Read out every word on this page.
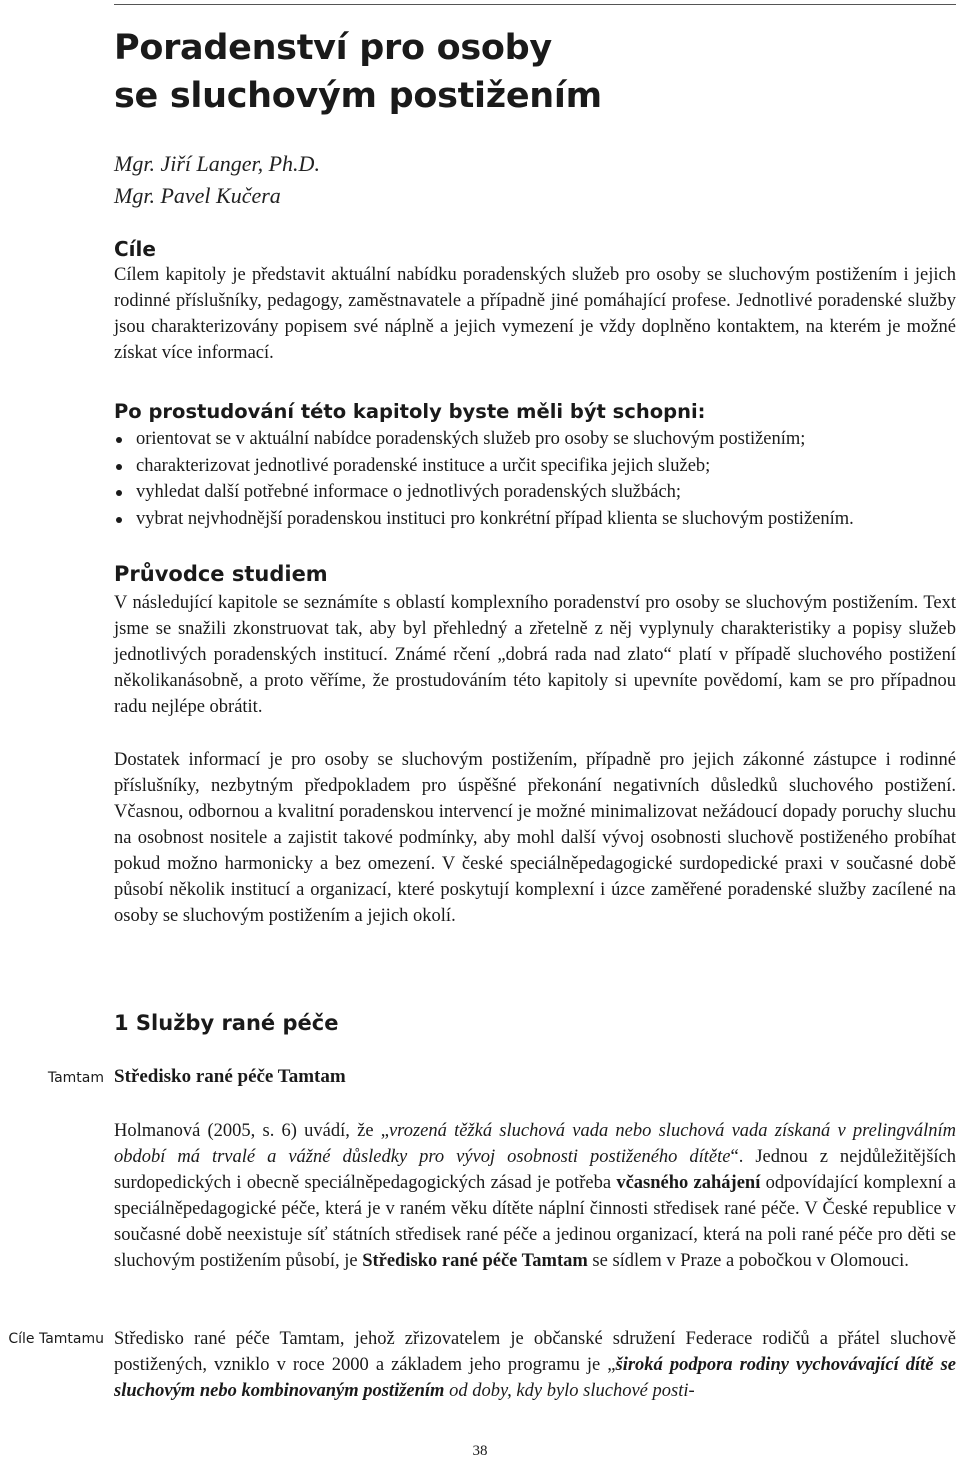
Poradenství pro osoby
se sluchovým postižením
Mgr. Jiří Langer, Ph.D.
Mgr. Pavel Kučera
Cíle

Cílem kapitoly je představit aktuální nabídku poradenských služeb pro osoby se sluchovým postižením i jejich rodinné příslušníky, pedagogy, zaměstnavatele a případně jiné pomáhající profese. Jednotlivé poradenské služby jsou charakterizovány popisem své náplně a jejich vymezení je vždy doplněno kontaktem, na kterém je možné získat více informací.

Po prostudování této kapitoly byste měli být schopni:
orientovat se v aktuální nabídce poradenských služeb pro osoby se sluchovým postižením;
charakterizovat jednotlivé poradenské instituce a určit specifika jejich služeb;
vyhledat další potřebné informace o jednotlivých poradenských službách;
vybrat nejvhodnější poradenskou instituci pro konkrétní případ klienta se sluchovým postižením.
Průvodce studiem

V následující kapitole se seznámíte s oblastí komplexního poradenství pro osoby se sluchovým postižením. Text jsme se snažili zkonstruovat tak, aby byl přehledný a zřetelně z něj vyplynuly charakteristiky a popisy služeb jednotlivých poradenských institucí. Známé rčení „dobrá rada nad zlato“ platí v případě sluchového postižení několikanásobně, a proto věříme, že prostudováním této kapitoly si upevníte povědomí, kam se pro případnou radu nejlépe obrátit.

Dostatek informací je pro osoby se sluchovým postižením, případně pro jejich zákonné zástupce i rodinné příslušníky, nezbytným předpokladem pro úspěšné překonání negativních důsledků sluchového postižení. Včasnou, odbornou a kvalitní poradenskou intervencí je možné minimalizovat nežádoucí dopady poruchy sluchu na osobnost nositele a zajistit takové podmínky, aby mohl další vývoj osobnosti sluchově postiženého probíhat pokud možno harmonicky a bez omezení. V české speciálněpedagogické surdopedické praxi v současné době působí několik institucí a organizací, které poskytují komplexní i úzce zaměřené poradenské služby zacílené na osoby se sluchovým postižením a jejich okolí.

1 Služby rané péče
Tamtam Středisko rané péče Tamtam

Holmanová (2005, s. 6) uvádí, že „vrozená těžká sluchová vada nebo sluchová vada získaná v prelingválním období má trvalé a vážné důsledky pro vývoj osobnosti postiženého dítěte“. Jednou z nejdůležitějších surdopedických i obecně speciálněpedagogických zásad je potřeba včasného zahájení odpovídající komplexní a speciálněpedagogické péče, která je v raném věku dítěte náplní činnosti středisek rané péče. V České republice v současné době neexistuje síť státních středisek rané péče a jedinou organizací, která na poli rané péče pro děti se sluchovým postižením působí, je Středisko rané péče Tamtam se sídlem v Praze a pobočkou v Olomouci.

Cíle Tamtamu Středisko rané péče Tamtam, jehož zřizovatelem je občanské sdružení Federace rodičů a přátel sluchově postižených, vzniklo v roce 2000 a základem jeho programu je „široká podpora rodiny vychovávající dítě se sluchovým nebo kombinovaným postižením od doby, kdy bylo sluchové posti-

38
